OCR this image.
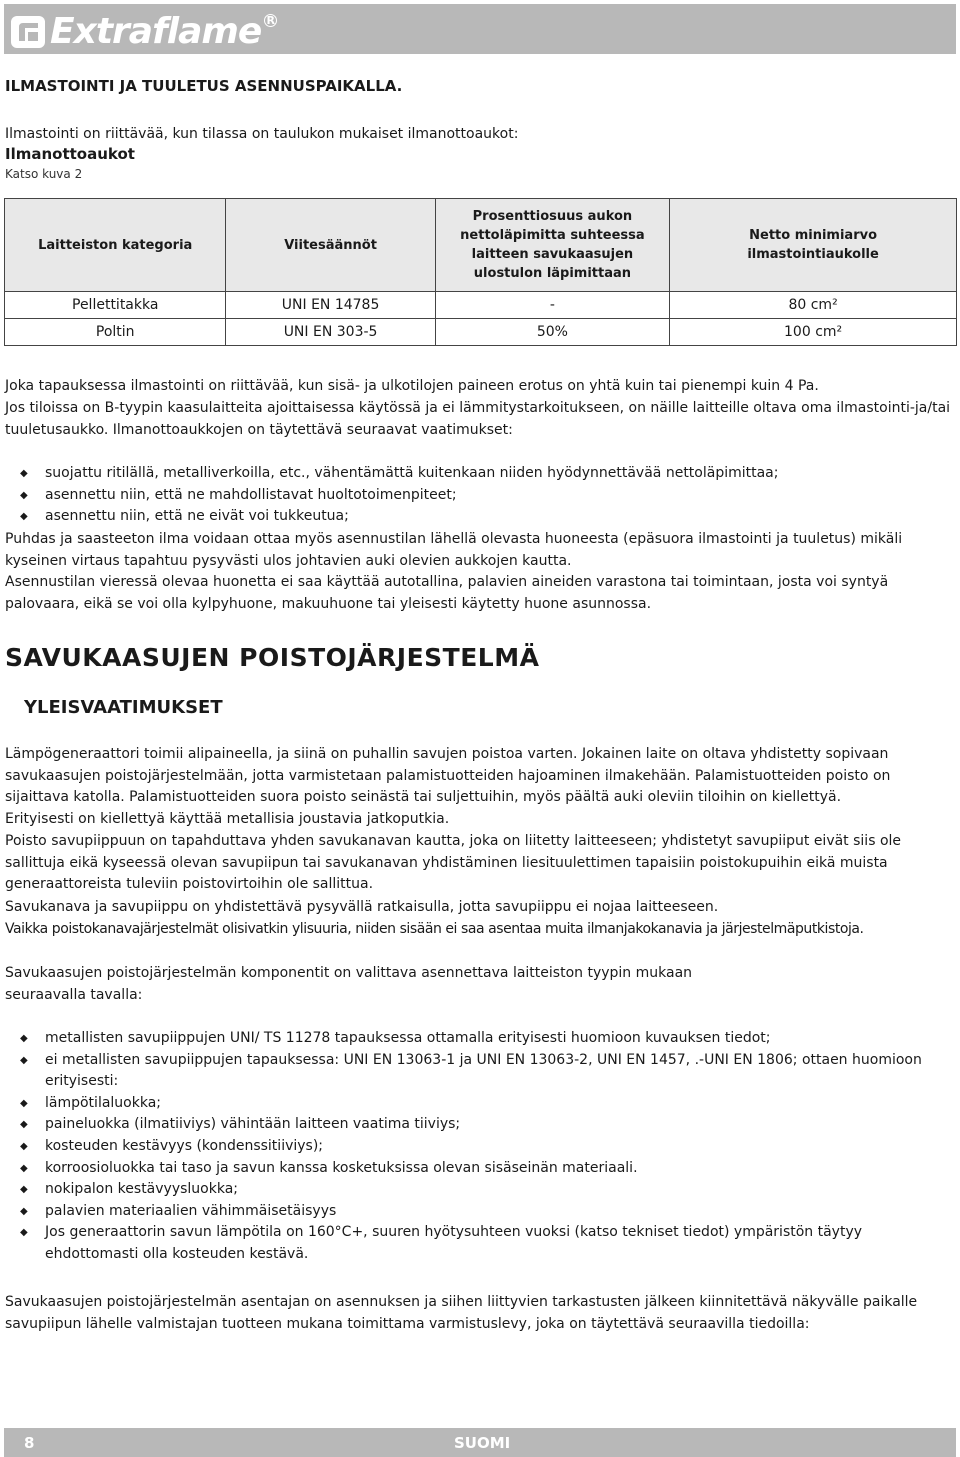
Extraflame R
ILMASTOINTI JA TUULETUS ASENNUSPAIKALLA.
Ilmastointi on riittävää, kun tilassa on taulukon mukaiset ilmanottoaukot:
Ilmanottoaukot
Katso kuva 2
Laitteiston kategoria	Viitesäännöt	Prosenttiosuus aukon nettoläpimitta suhteessa laitteen savukaasujen ulostulon läpimittaan	Netto minimiarvo ilmastointiaukolle
Pellettitakka	UNI EN 14785	-	80 cm²
Poltin	UNI EN 303-5	50%	100 cm²
Joka tapauksessa ilmastointi on riittävää, kun sisä- ja ulkotilojen paineen erotus on yhtä kuin tai pienempi kuin 4 Pa.
Jos tiloissa on B-tyypin kaasulaitteita ajoittaisessa käytössä ja ei lämmitystarkoitukseen, on näille laitteille oltava oma ilmastointi-ja/tai tuuletusaukko. Ilmanottoaukkojen on täytettävä seuraavat vaatimukset:
◆	suojattu ritilällä, metalliverkoilla, etc., vähentämättä kuitenkaan niiden hyödynnettävää nettoläpimittaa;
◆	asennettu niin, että ne mahdollistavat huoltotoimenpiteet;
◆	asennettu niin, että ne eivät voi tukkeutua;
Puhdas ja saasteeton ilma voidaan ottaa myös asennustilan lähellä olevasta huoneesta (epäsuora ilmastointi ja tuuletus) mikäli kyseinen virtaus tapahtuu pysyvästi ulos johtavien auki olevien aukkojen kautta.
Asennustilan vieressä olevaa huonetta ei saa käyttää autotallina, palavien aineiden varastona tai toimintaan, josta voi syntyä palovaara, eikä se voi olla kylpyhuone, makuuhuone tai yleisesti käytetty huone asunnossa.
SAVUKAASUJEN POISTOJÄRJESTELMÄ
YLEISVAATIMUKSET
Lämpögeneraattori toimii alipaineella, ja siinä on puhallin savujen poistoa varten. Jokainen laite on oltava yhdistetty sopivaan savukaasujen poistojärjestelmään, jotta varmistetaan palamistuotteiden hajoaminen ilmakehään. Palamistuotteiden poisto on sijaittava katolla. Palamistuotteiden suora poisto seinästä tai suljettuihin, myös päältä auki oleviin tiloihin on kiellettyä.
Erityisesti on kiellettyä käyttää metallisia joustavia jatkoputkia.
Poisto savupiippuun on tapahduttava yhden savukanavan kautta, joka on liitetty laitteeseen; yhdistetyt savupiiput eivät siis ole sallittuja eikä kyseessä olevan savupiipun tai savukanavan yhdistäminen liesituulettimen tapaisiin poistokupuihin eikä muista generaattoreista tuleviin poistovirtoihin ole sallittua.
Savukanava ja savupiippu on yhdistettävä pysyvällä ratkaisulla, jotta savupiippu ei nojaa laitteeseen.
Vaikka poistokanavajärjestelmät olisivatkin ylisuuria, niiden sisään ei saa asentaa muita ilmanjakokanavia ja järjestelmäputkistoja.
Savukaasujen poistojärjestelmän komponentit on valittava asennettava laitteiston tyypin mukaan seuraavalla tavalla:
◆	metallisten savupiippujen UNI/ TS 11278 tapauksessa ottamalla erityisesti huomioon kuvauksen tiedot;
◆	ei metallisten savupiippujen tapauksessa: UNI EN 13063-1 ja UNI EN 13063-2, UNI EN 1457, .-UNI EN 1806; ottaen huomioon erityisesti:
◆	lämpötilaluokka;
◆	paineluokka (ilmatiiviys) vähintään laitteen vaatima tiiviys;
◆	kosteuden kestävyys (kondenssitiiviys);
◆	korroosioluokka tai taso ja savun kanssa kosketuksissa olevan sisäseinän materiaali.
◆	nokipalon kestävyysluokka;
◆	palavien materiaalien vähimmäisetäisyys
◆	Jos generaattorin savun lämpötila on 160°C+, suuren hyötysuhteen vuoksi (katso tekniset tiedot) ympäristön täytyy ehdottomasti olla kosteuden kestävä.
Savukaasujen poistojärjestelmän asentajan on asennuksen ja siihen liittyvien tarkastusten jälkeen kiinnitettävä näkyvälle paikalle savupiipun lähelle valmistajan tuotteen mukana toimittama varmistuslevy, joka on täytettävä seuraavilla tiedoilla:
8	SUOMI
